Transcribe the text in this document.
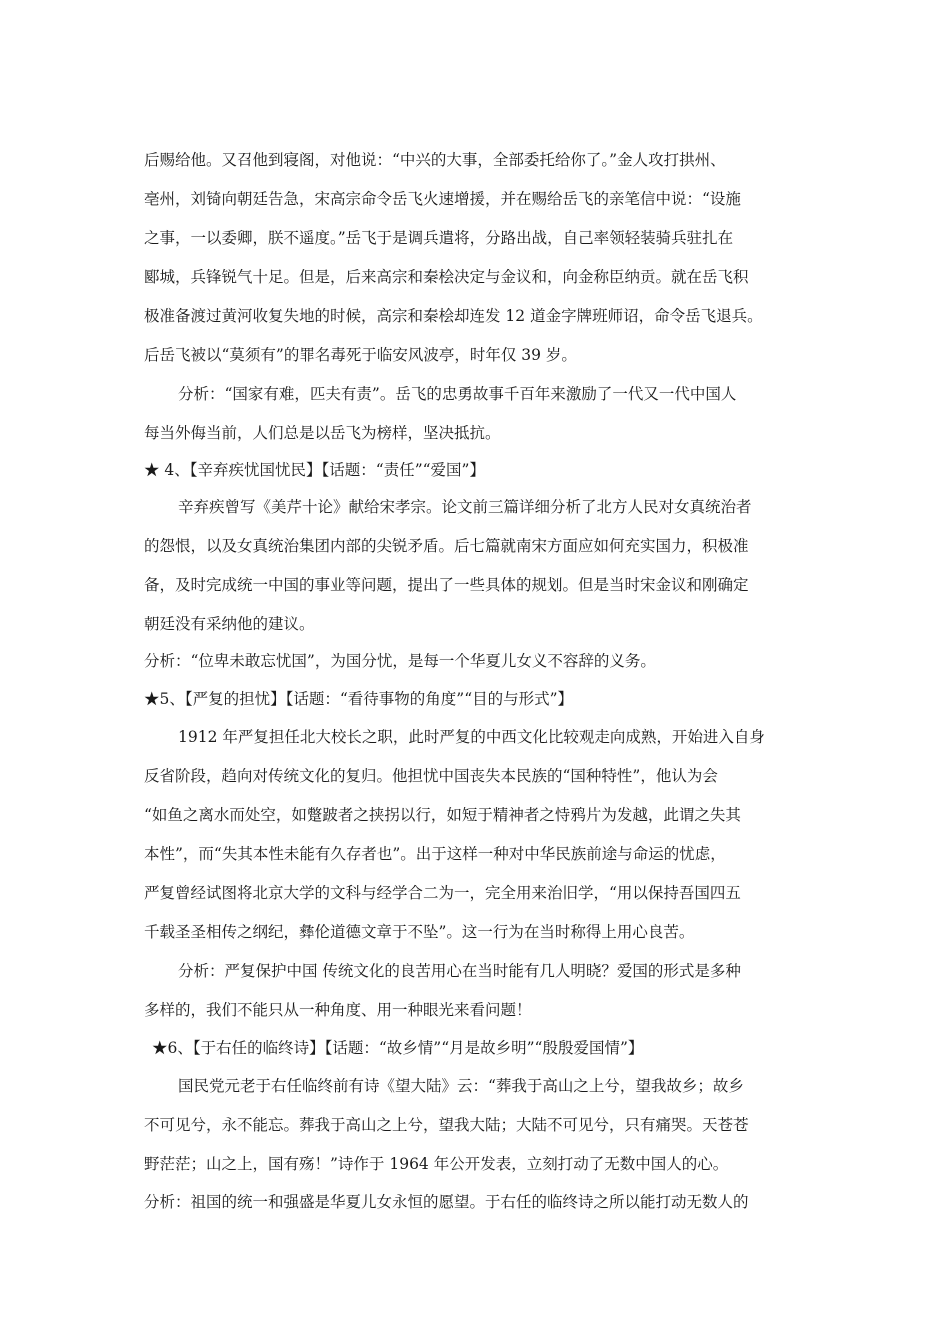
后赐给他。又召他到寝阁，对他说：“中兴的大事，全部委托给你了。”金人攻打拱州、
亳州，刘锜向朝廷告急，宋高宗命令岳飞火速增援，并在赐给岳飞的亲笔信中说：“设施
之事，一以委卿，朕不遥度。”岳飞于是调兵遣将，分路出战，自己率领轻装骑兵驻扎在
郾城，兵锋锐气十足。但是，后来高宗和秦桧决定与金议和，向金称臣纳贡。就在岳飞积
极准备渡过黄河收复失地的时候，高宗和秦桧却连发 12 道金字牌班师诏，命令岳飞退兵。
后岳飞被以“莫须有”的罪名毒死于临安风波亭，时年仅 39 岁。
分析：“国家有难，匹夫有责”。岳飞的忠勇故事千百年来激励了一代又一代中国人
每当外侮当前，人们总是以岳飞为榜样，坚决抵抗。
★ 4、【辛弃疾忧国忧民】【话题：“责任”“爱国”】
辛弃疾曾写《美芹十论》献给宋孝宗。论文前三篇详细分析了北方人民对女真统治者
的怨恨，以及女真统治集团内部的尖锐矛盾。后七篇就南宋方面应如何充实国力，积极准
备，及时完成统一中国的事业等问题，提出了一些具体的规划。但是当时宋金议和刚确定
朝廷没有采纳他的建议。
分析：“位卑未敢忘忧国”，为国分忧，是每一个华夏儿女义不容辞的义务。
★5、【严复的担忧】【话题：“看待事物的角度”“目的与形式”】
1912 年严复担任北大校长之职，此时严复的中西文化比较观走向成熟，开始进入自身
反省阶段，趋向对传统文化的复归。他担忧中国丧失本民族的“国种特性”，他认为会
“如鱼之离水而处空，如蹩跛者之挟拐以行，如短于精神者之恃鸦片为发越，此谓之失其
本性”，而“失其本性未能有久存者也”。出于这样一种对中华民族前途与命运的忧虑，
严复曾经试图将北京大学的文科与经学合二为一，完全用来治旧学，“用以保持吾国四五
千载圣圣相传之纲纪，彝伦道德文章于不坠”。这一行为在当时称得上用心良苦。
分析：严复保护中国 传统文化的良苦用心在当时能有几人明晓？爱国的形式是多种
多样的，我们不能只从一种角度、用一种眼光来看问题！
★6、【于右任的临终诗】【话题：“故乡情”“月是故乡明”“殷殷爱国情”】
国民党元老于右任临终前有诗《望大陆》云：“葬我于高山之上兮，望我故乡；故乡
不可见兮，永不能忘。葬我于高山之上兮，望我大陆；大陆不可见兮，只有痛哭。天苍苍
野茫茫；山之上，国有殇！”诗作于 1964 年公开发表，立刻打动了无数中国人的心。
分析：祖国的统一和强盛是华夏儿女永恒的愿望。于右任的临终诗之所以能打动无数人的
